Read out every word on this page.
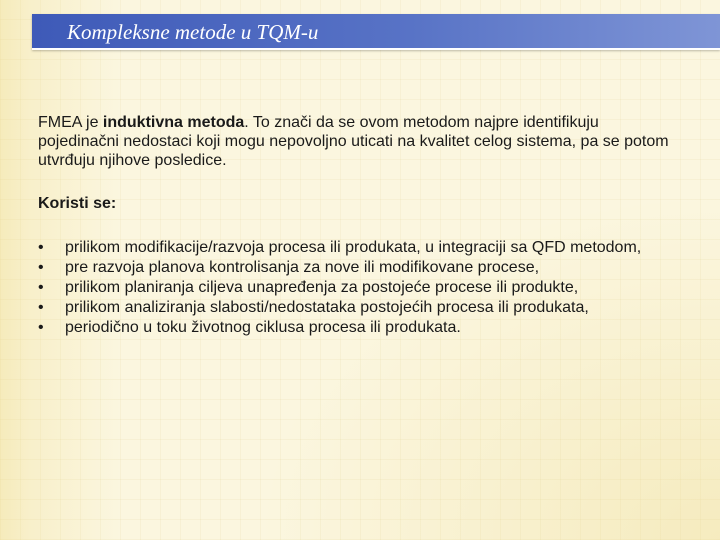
Kompleksne metode u TQM-u

FMEA je induktivna metoda. To znači da se ovom metodom najpre identifikuju pojedinačni nedostaci koji mogu nepovoljno uticati na kvalitet celog sistema, pa se potom utvrđuju njihove posledice.

Koristi se:

• prilikom modifikacije/razvoja procesa ili produkata, u integraciji sa QFD metodom,
• pre razvoja planova kontrolisanja za nove ili modifikovane procese,
• prilikom planiranja ciljeva unapređenja za postojeće procese ili produkte,
• prilikom analiziranja slabosti/nedostataka postojećih procesa ili produkata,
• periodično u toku životnog ciklusa procesa ili produkata.
